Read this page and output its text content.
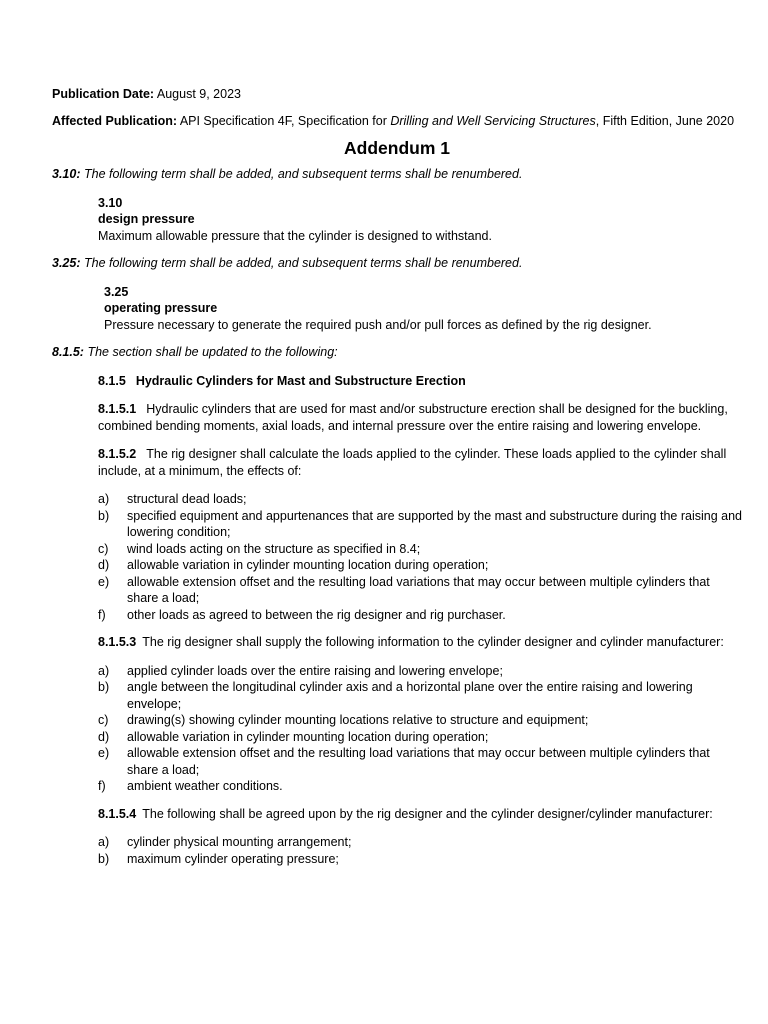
Publication Date: August 9, 2023

Affected Publication: API Specification 4F, Specification for Drilling and Well Servicing Structures, Fifth Edition, June 2020

Addendum 1

3.10: The following term shall be added, and subsequent terms shall be renumbered.

3.10

design pressure

Maximum allowable pressure that the cylinder is designed to withstand.

3.25: The following term shall be added, and subsequent terms shall be renumbered.

3.25

operating pressure

Pressure necessary to generate the required push and/or pull forces as defined by the rig designer.

8.1.5: The section shall be updated to the following:

8.1.5 Hydraulic Cylinders for Mast and Substructure Erection

8.1.5.1 Hydraulic cylinders that are used for mast and/or substructure erection shall be designed for the buckling, combined bending moments, axial loads, and internal pressure over the entire raising and lowering envelope.

8.1.5.2 The rig designer shall calculate the loads applied to the cylinder. These loads applied to the cylinder shall include, at a minimum, the effects of:

a)	structural dead loads;
b)	specified equipment and appurtenances that are supported by the mast and substructure during the raising and lowering condition;
c)	wind loads acting on the structure as specified in 8.4;
d)	allowable variation in cylinder mounting location during operation;
e)	allowable extension offset and the resulting load variations that may occur between multiple cylinders that share a load;
f)	other loads as agreed to between the rig designer and rig purchaser.

8.1.5.3 The rig designer shall supply the following information to the cylinder designer and cylinder manufacturer:

a)	applied cylinder loads over the entire raising and lowering envelope;
b)	angle between the longitudinal cylinder axis and a horizontal plane over the entire raising and lowering envelope;
c)	drawing(s) showing cylinder mounting locations relative to structure and equipment;
d)	allowable variation in cylinder mounting location during operation;
e)	allowable extension offset and the resulting load variations that may occur between multiple cylinders that share a load;
f)	ambient weather conditions.

8.1.5.4 The following shall be agreed upon by the rig designer and the cylinder designer/cylinder manufacturer:

a)	cylinder physical mounting arrangement;
b)	maximum cylinder operating pressure;
